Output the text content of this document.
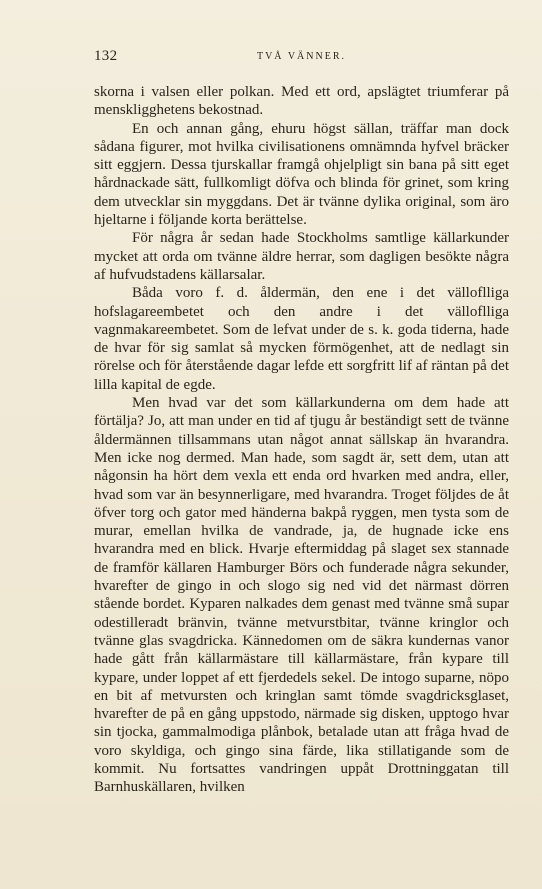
132	TVÅ VÄNNER.

skorna i valsen eller polkan. Med ett ord, apslägtet triumferar på menskligghetens bekostnad.

En och annan gång, ehuru högst sällan, träffar man dock sådana figurer, mot hvilka civilisationens omnämnda hyfvel bräcker sitt eggjern. Dessa tjurskallar framgå ohjelpligt sin bana på sitt eget hårdnackade sätt, fullkomligt döfva och blinda för grinet, som kring dem utvecklar sin myggdans. Det är tvänne dylika original, som äro hjeltarne i följande korta berättelse.

För några år sedan hade Stockholms samtlige källarkunder mycket att orda om tvänne äldre herrar, som dagligen besökte några af hufvudstadens källarsalar.

Båda voro f. d. åldermän, den ene i det välloflliga hofslagareembetet och den andre i det välloflliga vagnmakareembetet. Som de lefvat under de s. k. goda tiderna, hade de hvar för sig samlat så mycken förmögenhet, att de nedlagt sin rörelse och för återstående dagar lefde ett sorgfritt lif af räntan på det lilla kapital de egde.

Men hvad var det som källarkunderna om dem hade att förtälja? Jo, att man under en tid af tjugu år beständigt sett de tvänne åldermännen tillsammans utan något annat sällskap än hvarandra. Men icke nog dermed. Man hade, som sagdt är, sett dem, utan att någonsin ha hört dem vexla ett enda ord hvarken med andra, eller, hvad som var än besynnerligare, med hvarandra. Troget följdes de åt öfver torg och gator med händerna bakpå ryggen, men tysta som de murar, emellan hvilka de vandrade, ja, de hugnade icke ens hvarandra med en blick. Hvarje eftermiddag på slaget sex stannade de framför källaren Hamburger Börs och funderade några sekunder, hvarefter de gingo in och slogo sig ned vid det närmast dörren stående bordet. Kyparen nalkades dem genast med tvänne små supar odestilleradt bränvin, tvänne metvurstbitar, tvänne kringlor och tvänne glas svagdricka. Kännedomen om de säkra kundernas vanor hade gått från källarmästare till källarmästare, från kypare till kypare, under loppet af ett fjerdedels sekel. De intogo suparne, nöpo en bit af metvursten och kringlan samt tömde svagdricksglaset, hvarefter de på en gång uppstodo, närmade sig disken, upptogo hvar sin tjocka, gammalmodiga plånbok, betalade utan att fråga hvad de voro skyldiga, och gingo sina färde, lika stillatigande som de kommit. Nu fortsattes vandringen uppåt Drottninggatan till Barnhuskällaren, hvilken
